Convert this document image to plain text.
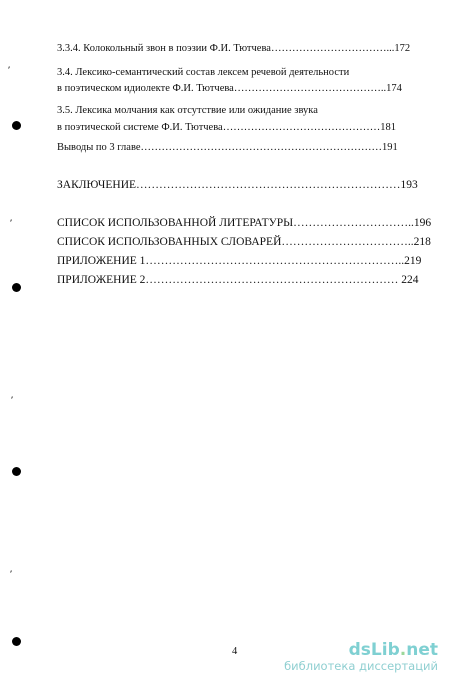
3.3.4. Колокольный звон в поэзии Ф.И. Тютчева……………………………...172
3.4. Лексико-семантический состав лексем речевой деятельности
в поэтическом идиолекте Ф.И. Тютчева……………………………………..174
3.5. Лексика молчания как отсутствие или ожидание звука
в поэтической системе Ф.И. Тютчева………………………………………181
Выводы по 3 главе……………………………………………………………191
ЗАКЛЮЧЕНИЕ……………………………………………………………193
СПИСОК ИСПОЛЬЗОВАННОЙ ЛИТЕРАТУРЫ…………………………..196
СПИСОК ИСПОЛЬЗОВАННЫХ СЛОВАРЕЙ……………………………..218
ПРИЛОЖЕНИЕ 1…………………………………………………………..219
ПРИЛОЖЕНИЕ 2………………………………………………………… 224
⸴
⸴
⸴
⸴
4	dsLib.net
библиотека диссертаций
